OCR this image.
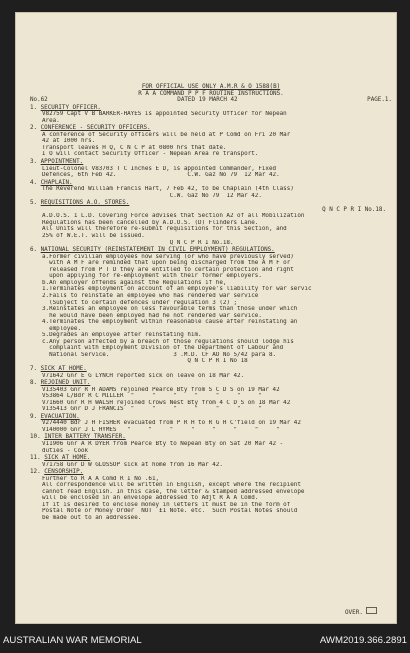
FOR OFFICIAL USE ONLY A.M.R & O 1588(B)
R A A COMMAND P P F ROUTINE INSTRUCTIONS.
No.62	DATED 19 MARCH 42	PAGE.1.
1. SECURITY OFFICER.
V82759 Capt V B BARKER-HAYES is appointed Security Officer for Nepean
Area.
2. CONFERENCE - SECURITY OFFICERS.
A conference of Security officers will be held at P Comd on Fri 20 Mar
42 at 1000 hrs.
Transport leaves H Q, C N C P at 0800 hrs that date.
I O will contact Security Officer - Nepean Area re transport.
3. APPOINTMENT.
Lieut-Colonel V83703 T C Inches E D, is appointed Commander, Fixed
Defences, 6th Feb 42.                    C.W. Gaz No 79  12 Mar 42.
4. CHAPLAIN.
The Reverend William Francis Hart, 7 Feb 42, to be Chaplain (4th Class)
C.W. Gaz No 79  12 Mar 42.
5. REQUISITIONS A.O. STORES.
Q N C P R I No.18.
A.D.O.S. 1 L.D. Covering Force advises that Section A2 of all Mobilization
Regulations has been cancelled by A.D.O.S. (D) Flinders Lane.
All Units will therefore re-submit requisitions for this Section, and
25% of W.E.T. will be issued.
Q N C P R I No.18.
6. NATIONAL SECURITY (REINSTATEMENT IN CIVIL EMPLOYMENT) REGULATIONS.
a.Former civilian employees now serving (or who have previously served)
with A M F are reminded that upon being discharged from the A M F or
released from P T D they are entitled to certain protection and right
upon applying for re-employment with their former employers.
b.An employer offends against the Regulations if he,
1.Terminates employment on account of an employee's liability for war servic
2.Fails to reinstate an employee who has rendered war service
(Subject to certain defences under regulation 3 (2) ;
3.Reinstates an employee on less favourable terms than those under which
he would have been employed had he not rendered war service.
4.Terminates the employment within reasonable cause after reinstating an
employee.
5.Degrades an employee after reinstating him.
c.Any person affected by a breach of those regulations should lodge his
complaint with Employment Division of the Department of Labour and
National Service.                  3 .M.D. CF AO No 5/42 para 8.
Q N C P R I No 18
7. SICK AT HOME.
V71642 Gnr E G LYNCH reported sick on leave on 18 Mar 42.
8. REJOINED UNIT.
V135403 Gnr R H ADAMS rejoined Pearce Bty from S C D S on 19 Mar 42
V53864 L/Bdr R C MILLER  "     "     "     "     "     "     "
V71660 Gnr R H WALSH rejoined Crows Nest Bty from 4 C D S on 18 Mar 42
V135413 Gnr D J FRANCIS  "     "     "     "     "     "     "
9. EVACUATION.
V274440 Bdr J H FISHER evacuated from P R H to R G H C'field on 19 Mar 42
V140000 Gnr J L HYMES   "     "     "     "     "     "     "     "
10. INTER BATTERY TRANSFER.
V11906 Gnr A R DYER from Pearce Bty to Nepean Bty on Sat 20 Mar 42 -
duties - Cook
11. SICK AT HOME.
V71758 Gnr D W GLOSSOP sick at home from 16 Mar 42.
12. CENSORSHIP.
Further to R A A Comd R I No .61,
All correspondence will be written in English, except where the recipient
cannot read English. In this case, the letter & stamped addressed envelope
will be enclosed in an envelope addressed to Adjt R A A Comd.
If it is desired to enclose money in letters it must be in the form of
Postal Note or Money Order  NOT  £1 Note. etc.  Such Postal Notes should
be made out to an addressee.
OVER.
AUSTRALIAN WAR MEMORIAL	AWM2019.366.2891
